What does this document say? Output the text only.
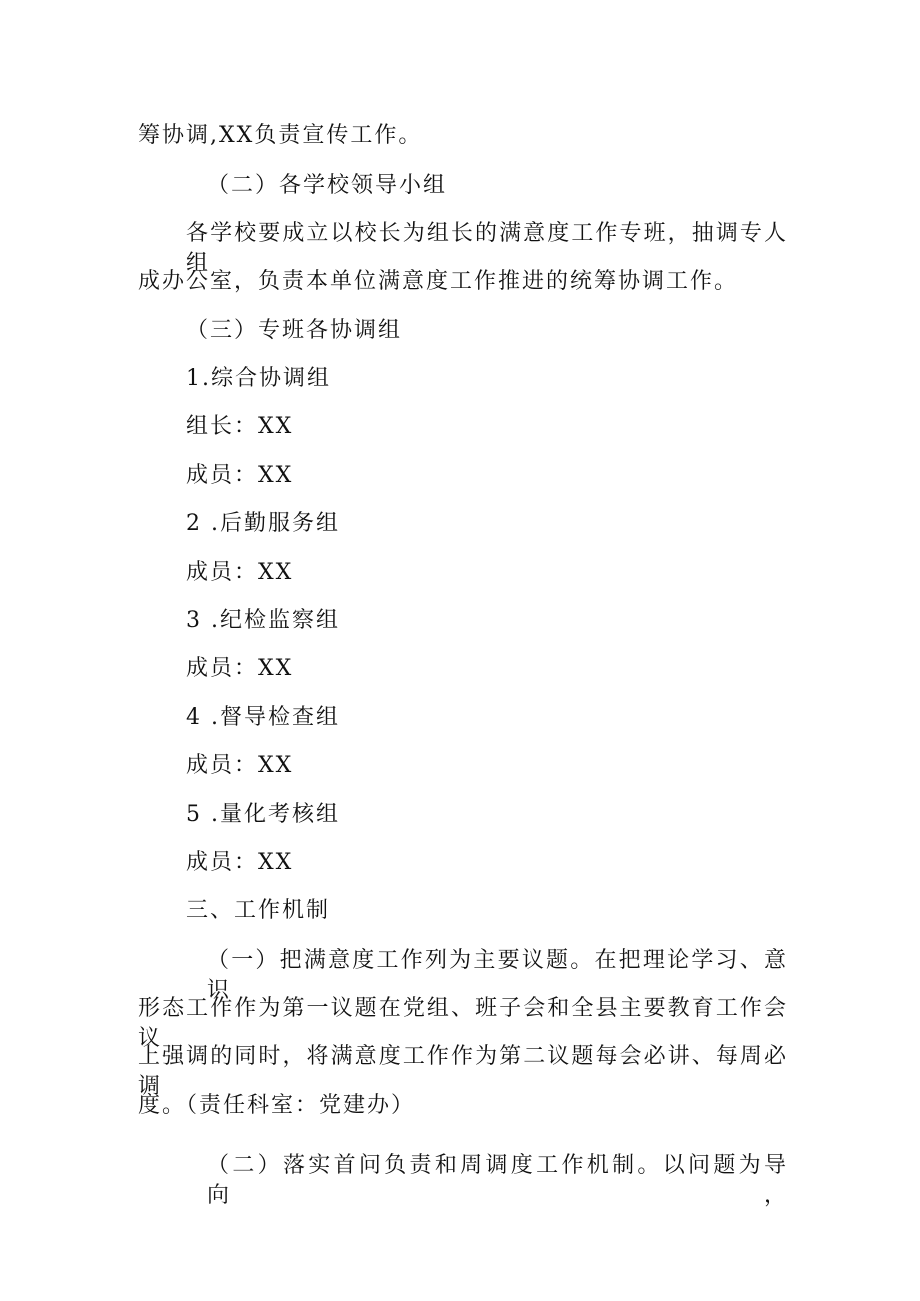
筹协调,XX负责宣传工作。
（二）各学校领导小组
各学校要成立以校长为组长的满意度工作专班，抽调专人组
成办公室，负责本单位满意度工作推进的统筹协调工作。
（三）专班各协调组
1.综合协调组
组长：XX
成员：XX
2 .后勤服务组
成员：XX
3 .纪检监察组
成员：XX
4 .督导检查组
成员：XX
5 .量化考核组
成员：XX
三、工作机制
（一）把满意度工作列为主要议题。在把理论学习、意识
形态工作作为第一议题在党组、班子会和全县主要教育工作会议
上强调的同时，将满意度工作作为第二议题每会必讲、每周必调
度。（责任科室：党建办）
（二）落实首问负责和周调度工作机制。以问题为导向，
